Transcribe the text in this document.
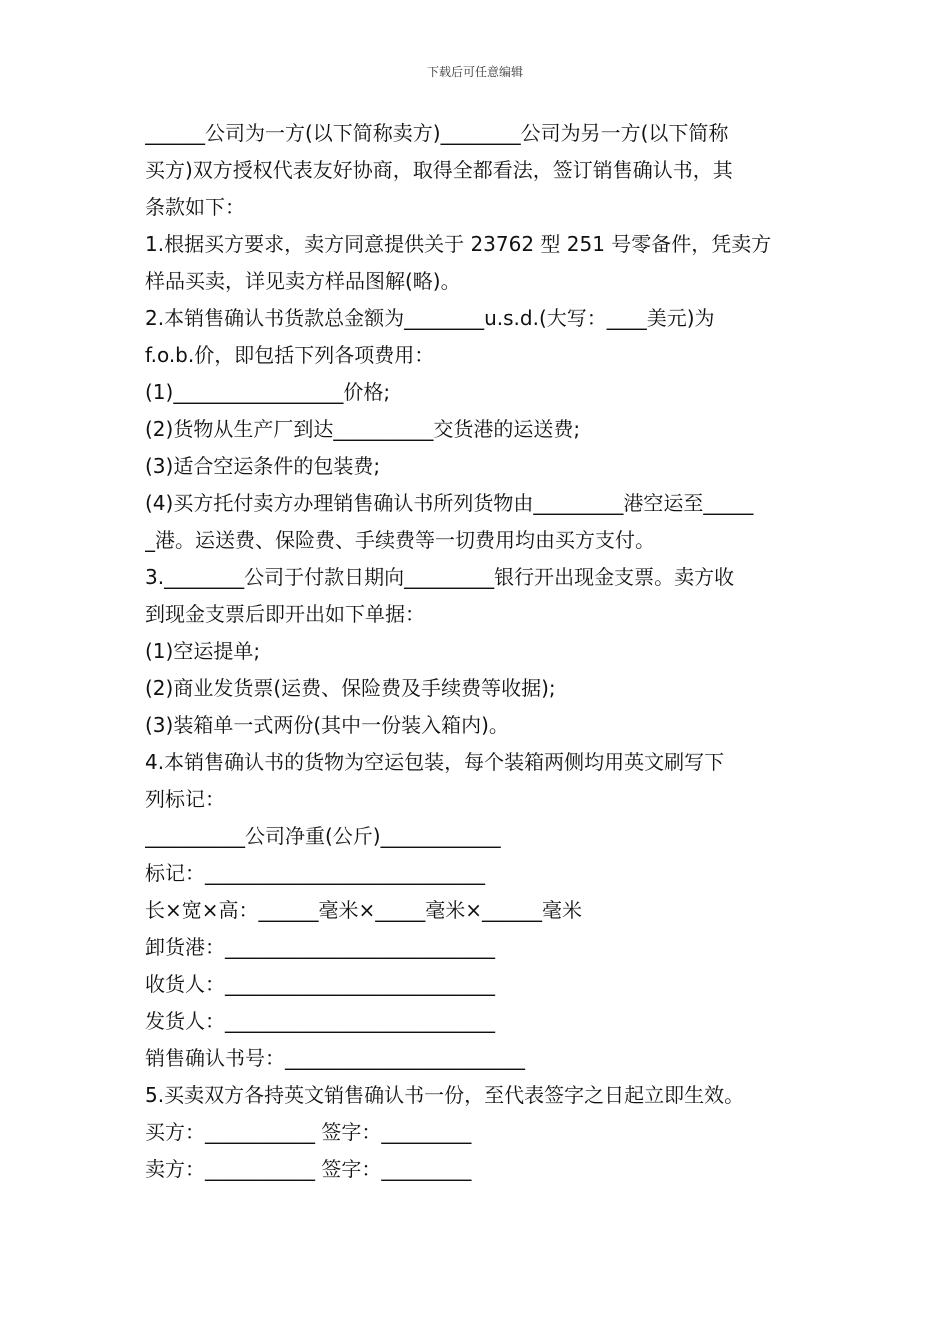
下载后可任意编辑
______公司为一方(以下简称卖方)________公司为另一方(以下简称
买方)双方授权代表友好协商，取得全都看法，签订销售确认书，其
条款如下：
1.根据买方要求，卖方同意提供关于 23762 型 251 号零备件，凭卖方
样品买卖，详见卖方样品图解(略)。
2.本销售确认书货款总金额为________u.s.d.(大写：____美元)为
f.o.b.价，即包括下列各项费用：
(1)_________________价格;
(2)货物从生产厂到达__________交货港的运送费;
(3)适合空运条件的包装费;
(4)买方托付卖方办理销售确认书所列货物由_________港空运至_____
_港。运送费、保险费、手续费等一切费用均由买方支付。
3.________公司于付款日期向_________银行开出现金支票。卖方收
到现金支票后即开出如下单据：
(1)空运提单;
(2)商业发货票(运费、保险费及手续费等收据);
(3)装箱单一式两份(其中一份装入箱内)。
4.本销售确认书的货物为空运包装，每个装箱两侧均用英文刷写下
列标记：
__________公司净重(公斤)____________
标记：____________________________
长×宽×高：______毫米×_____毫米×______毫米
卸货港：___________________________
收货人：___________________________
发货人：___________________________
销售确认书号：________________________
5.买卖双方各持英文销售确认书一份，至代表签字之日起立即生效。
买方：___________ 签字：_________
卖方：___________ 签字：_________
